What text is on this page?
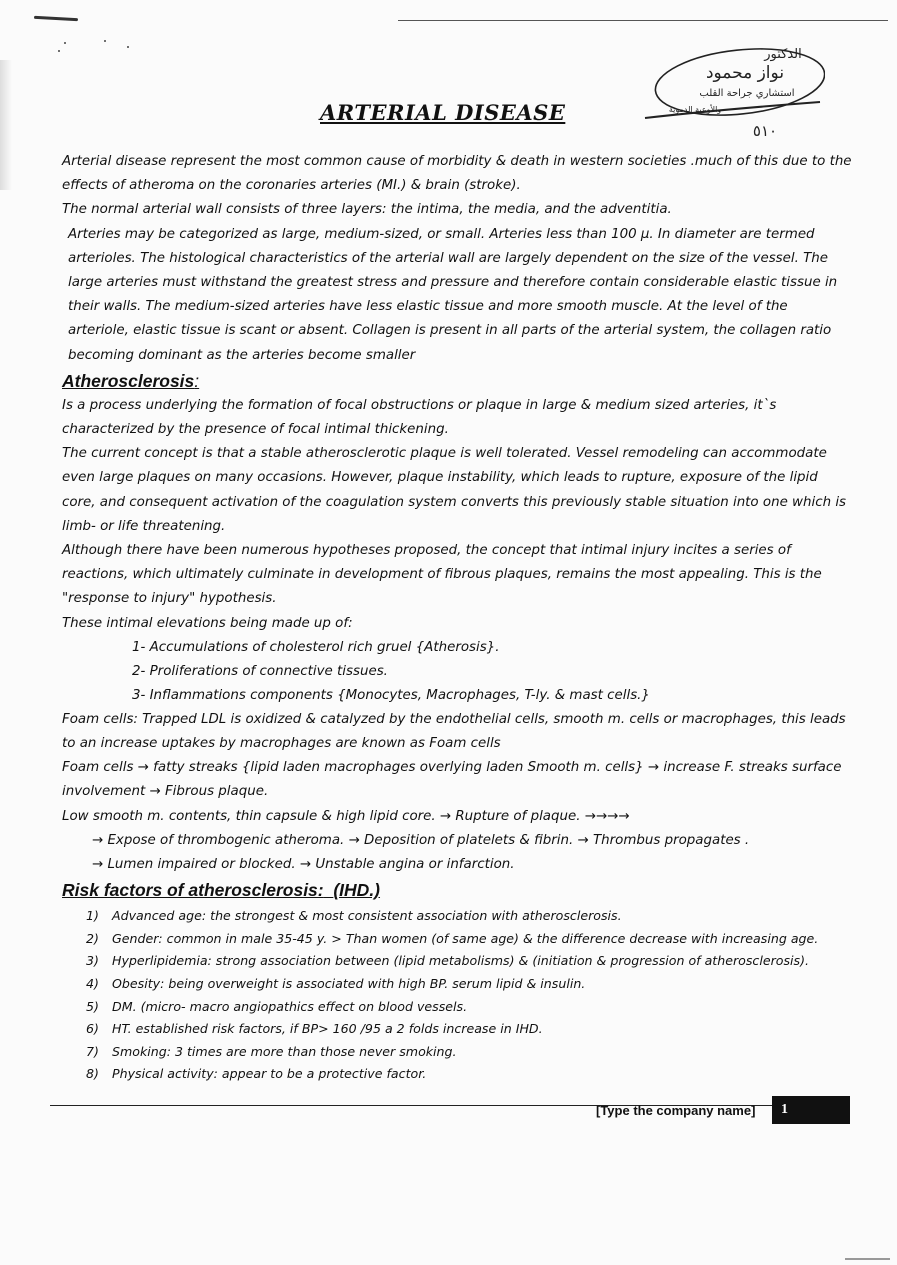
ARTERIAL DISEASE
الدكتور
نواز محمود
استشاري جراحة القلب
والأوعية الدموية
٥١٠

Arterial disease represent the most common cause of morbidity & death in western societies .much of this due to the effects of atheroma on the coronaries arteries (MI.) & brain (stroke).

The normal arterial wall consists of three layers: the intima, the media, and the adventitia.

Arteries may be categorized as large, medium-sized, or small. Arteries less than 100 µ. In diameter are termed arterioles. The histological characteristics of the arterial wall are largely dependent on the size of the vessel. The large arteries must withstand the greatest stress and pressure and therefore contain considerable elastic tissue in their walls. The medium-sized arteries have less elastic tissue and more smooth muscle. At the level of the arteriole, elastic tissue is scant or absent. Collagen is present in all parts of the arterial system, the collagen ratio becoming dominant as the arteries become smaller

Atherosclerosis:

Is a process underlying the formation of focal obstructions or plaque in large & medium sized arteries, it`s characterized by the presence of focal intimal thickening.

The current concept is that a stable atherosclerotic plaque is well tolerated. Vessel remodeling can accommodate even large plaques on many occasions. However, plaque instability, which leads to rupture, exposure of the lipid core, and consequent activation of the coagulation system converts this previously stable situation into one which is limb- or life threatening.

Although there have been numerous hypotheses proposed, the concept that intimal injury incites a series of reactions, which ultimately culminate in development of fibrous plaques, remains the most appealing. This is the "response to injury" hypothesis.

These intimal elevations being made up of:

1- Accumulations of cholesterol rich gruel {Atherosis}.
2- Proliferations of connective tissues.
3- Inflammations components {Monocytes, Macrophages, T-ly. & mast cells.}

Foam cells: Trapped LDL is oxidized & catalyzed by the endothelial cells, smooth m. cells or macrophages, this leads to an increase uptakes by macrophages are known as Foam cells

Foam cells → fatty streaks {lipid laden macrophages overlying laden Smooth m. cells} → increase F. streaks surface involvement → Fibrous plaque.

Low smooth m. contents, thin capsule & high lipid core. → Rupture of plaque. →→→→

→ Expose of thrombogenic atheroma. → Deposition of platelets & fibrin. → Thrombus propagates .

→ Lumen impaired or blocked. → Unstable angina or infarction.

Risk factors of atherosclerosis: (IHD.)
1) Advanced age: the strongest & most consistent association with atherosclerosis.
2) Gender: common in male 35-45 y. > Than women (of same age) & the difference decrease with increasing age.
3) Hyperlipidemia: strong association between (lipid metabolisms) & (initiation & progression of atherosclerosis).
4) Obesity: being overweight is associated with high BP. serum lipid & insulin.
5) DM. (micro- macro angiopathics effect on blood vessels.
6) HT. established risk factors, if BP> 160 /95 a 2 folds increase in IHD.
7) Smoking: 3 times are more than those never smoking.
8) Physical activity: appear to be a protective factor.
[Type the company name]	1
